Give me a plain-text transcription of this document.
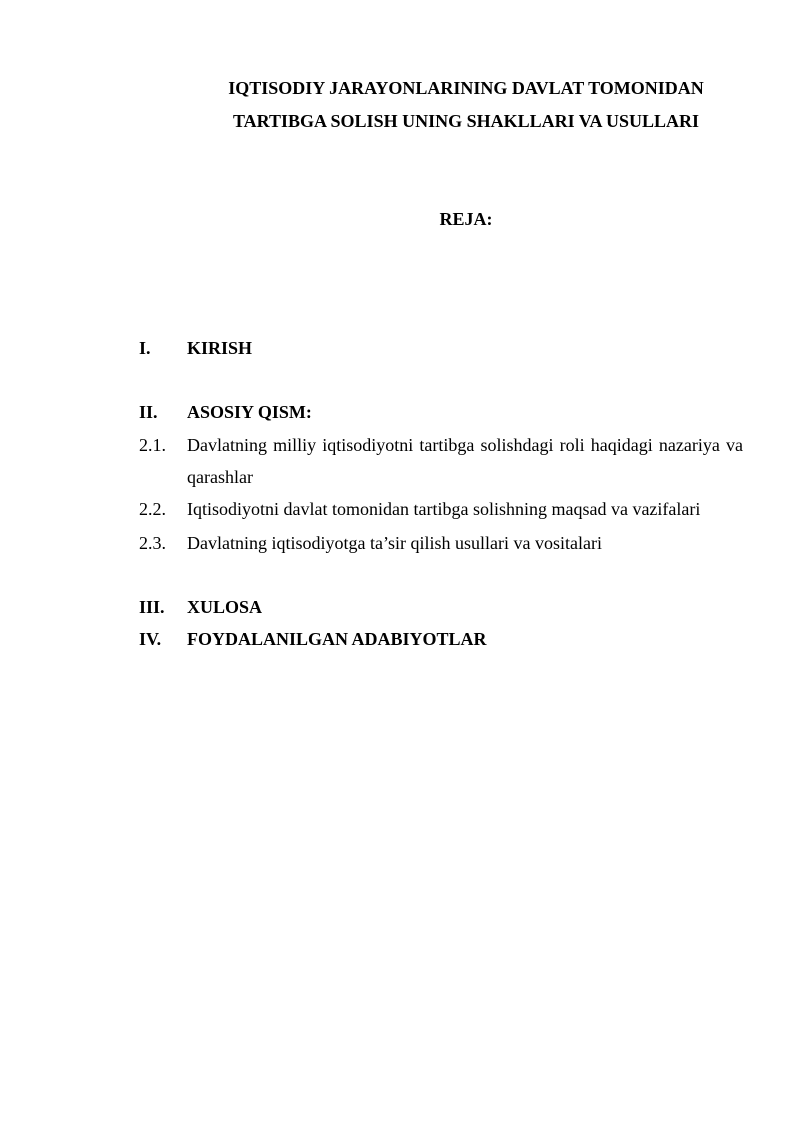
IQTISODIY JARAYONLARINING DAVLAT TOMONIDAN
TARTIBGA SOLISH UNING SHAKLLARI VA USULLARI
REJA:
I.	KIRISH
II.	ASOSIY QISM:
2.1.	Davlatning milliy iqtisodiyotni tartibga solishdagi roli haqidagi nazariya va qarashlar
2.2.	Iqtisodiyotni davlat tomonidan tartibga solishning maqsad va vazifalari
2.3.	Davlatning iqtisodiyotga ta’sir qilish usullari va vositalari
III.	XULOSA
IV.	FOYDALANILGAN ADABIYOTLAR
